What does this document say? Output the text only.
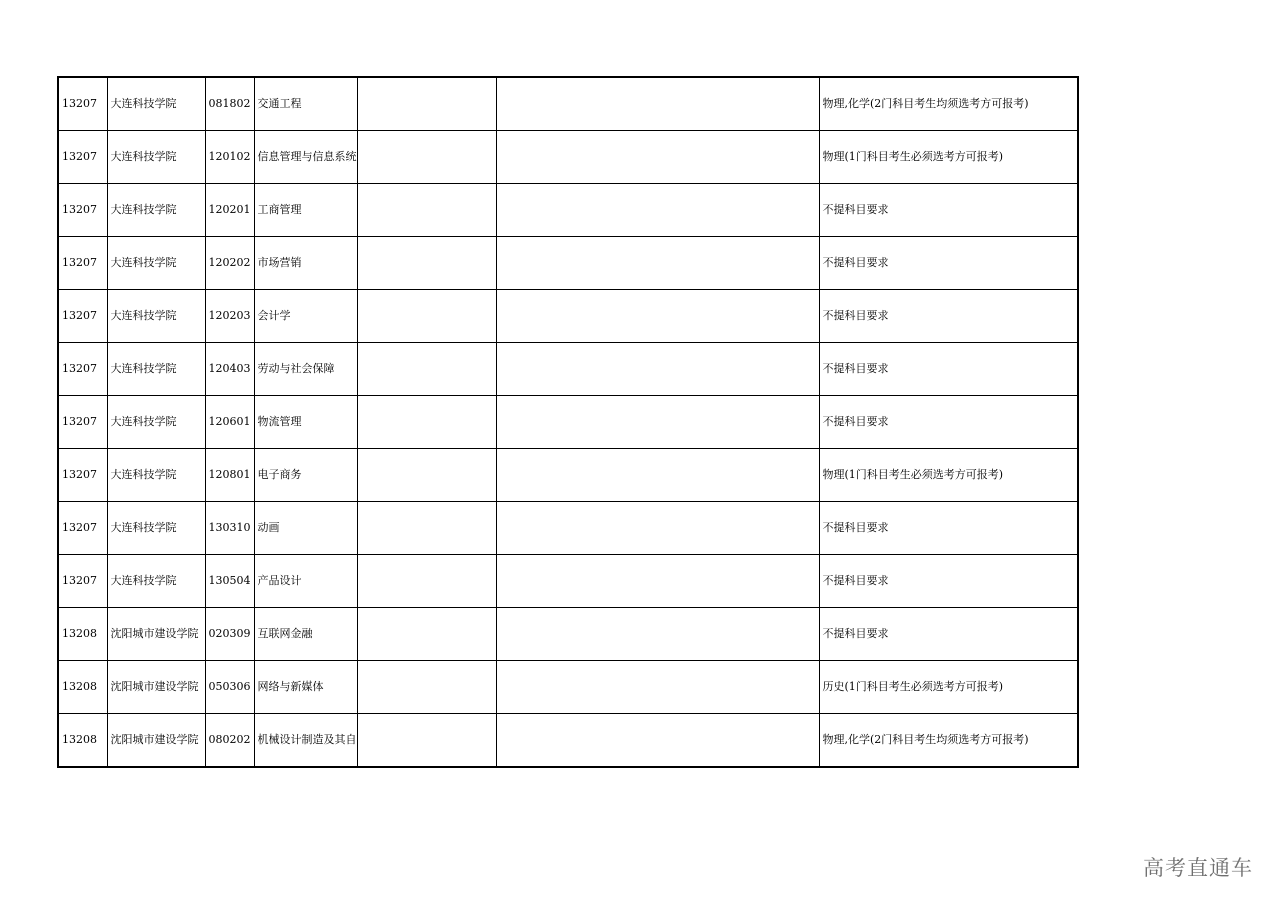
13207	大连科技学院	081802	交通工程			物理,化学(2门科目考生均须选考方可报考)
13207	大连科技学院	120102	信息管理与信息系统			物理(1门科目考生必须选考方可报考)
13207	大连科技学院	120201	工商管理			不提科目要求
13207	大连科技学院	120202	市场营销			不提科目要求
13207	大连科技学院	120203	会计学			不提科目要求
13207	大连科技学院	120403	劳动与社会保障			不提科目要求
13207	大连科技学院	120601	物流管理			不提科目要求
13207	大连科技学院	120801	电子商务			物理(1门科目考生必须选考方可报考)
13207	大连科技学院	130310	动画			不提科目要求
13207	大连科技学院	130504	产品设计			不提科目要求
13208	沈阳城市建设学院	020309	互联网金融			不提科目要求
13208	沈阳城市建设学院	050306	网络与新媒体			历史(1门科目考生必须选考方可报考)
13208	沈阳城市建设学院	080202	机械设计制造及其自			物理,化学(2门科目考生均须选考方可报考)
高考直通车
